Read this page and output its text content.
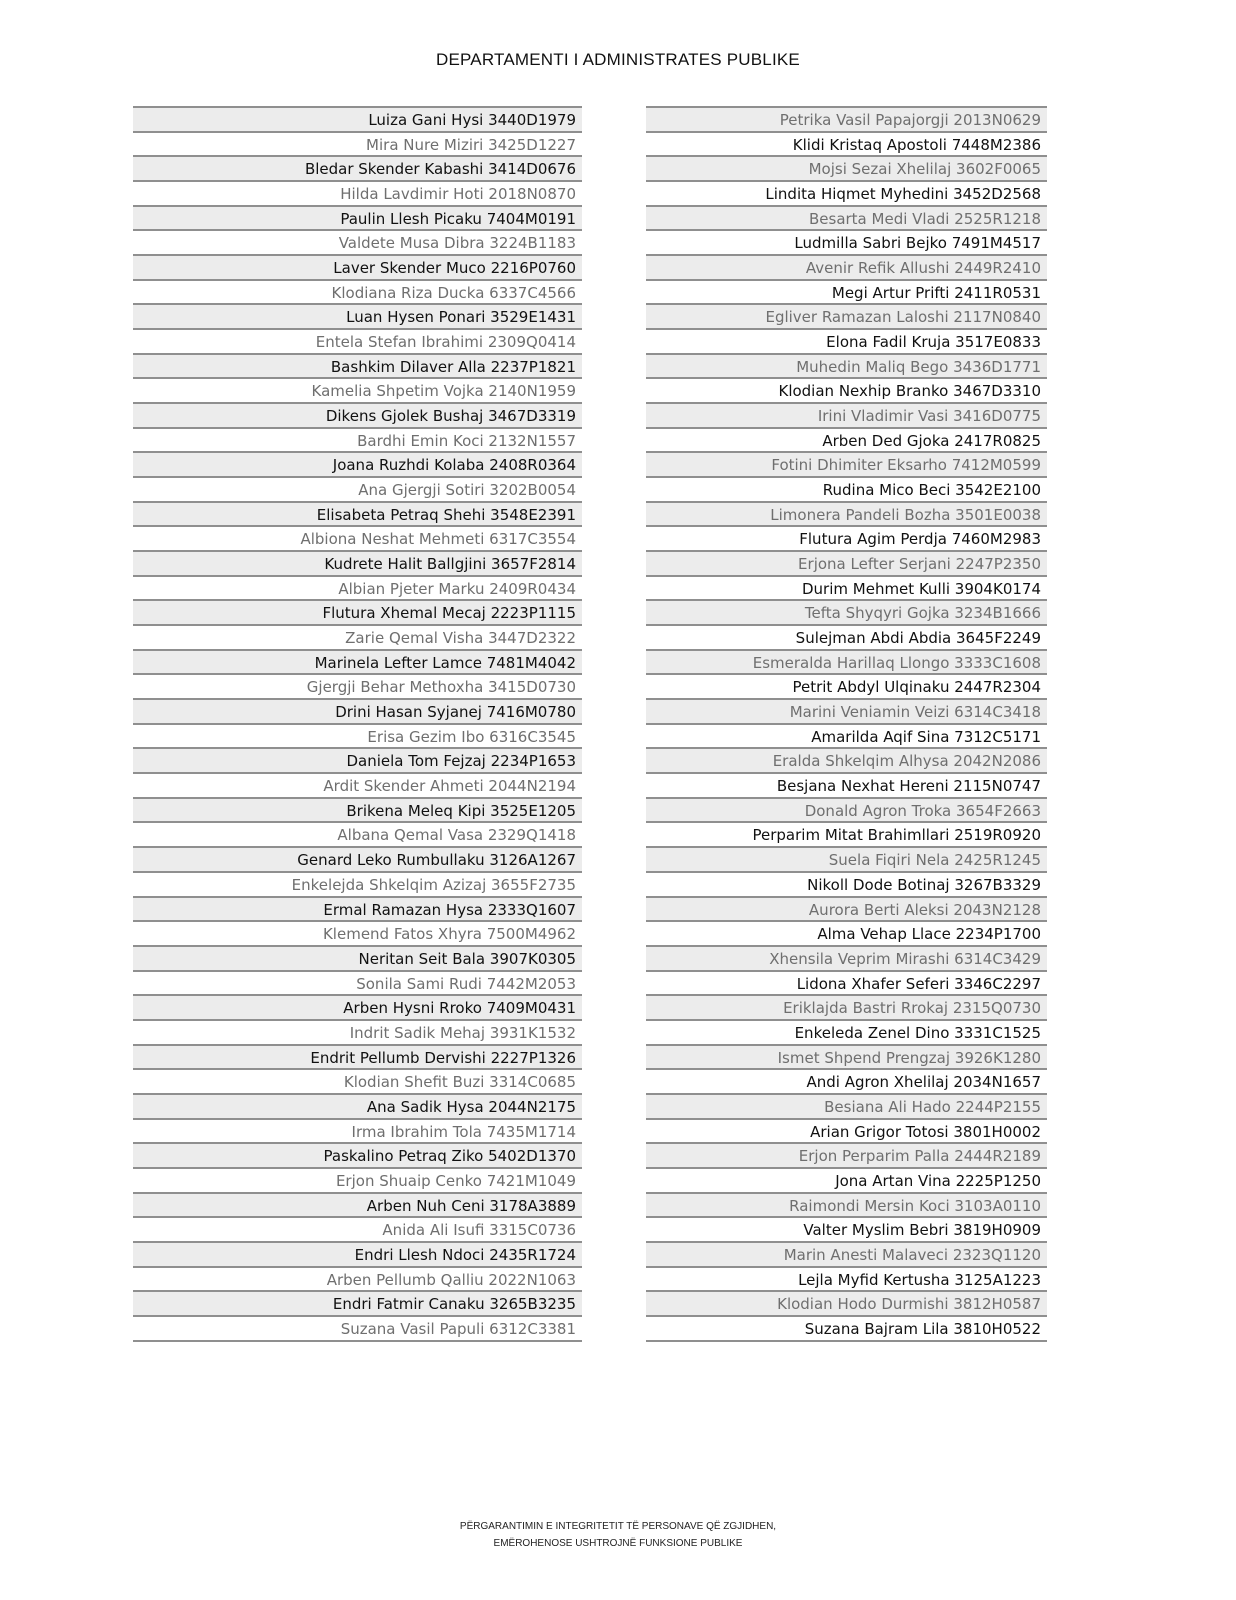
DEPARTAMENTI I ADMINISTRATES PUBLIKE
Luiza Gani Hysi 3440D1979
Mira Nure Miziri 3425D1227
Bledar Skender Kabashi 3414D0676
Hilda Lavdimir Hoti 2018N0870
Paulin Llesh Picaku 7404M0191
Valdete Musa Dibra 3224B1183
Laver Skender Muco 2216P0760
Klodiana Riza Ducka 6337C4566
Luan Hysen Ponari 3529E1431
Entela Stefan Ibrahimi 2309Q0414
Bashkim Dilaver Alla 2237P1821
Kamelia Shpetim Vojka 2140N1959
Dikens Gjolek Bushaj 3467D3319
Bardhi Emin Koci 2132N1557
Joana Ruzhdi Kolaba 2408R0364
Ana Gjergji Sotiri 3202B0054
Elisabeta Petraq Shehi 3548E2391
Albiona Neshat Mehmeti 6317C3554
Kudrete Halit Ballgjini 3657F2814
Albian Pjeter Marku 2409R0434
Flutura Xhemal Mecaj 2223P1115
Zarie Qemal Visha 3447D2322
Marinela Lefter Lamce 7481M4042
Gjergji Behar Methoxha 3415D0730
Drini Hasan Syjanej 7416M0780
Erisa Gezim Ibo 6316C3545
Daniela Tom Fejzaj 2234P1653
Ardit Skender Ahmeti 2044N2194
Brikena Meleq Kipi 3525E1205
Albana Qemal Vasa 2329Q1418
Genard Leko Rumbullaku 3126A1267
Enkelejda Shkelqim Azizaj 3655F2735
Ermal Ramazan Hysa 2333Q1607
Klemend Fatos Xhyra 7500M4962
Neritan Seit Bala 3907K0305
Sonila Sami Rudi 7442M2053
Arben Hysni Rroko 7409M0431
Indrit Sadik Mehaj 3931K1532
Endrit Pellumb Dervishi 2227P1326
Klodian Shefit Buzi 3314C0685
Ana Sadik Hysa 2044N2175
Irma Ibrahim Tola 7435M1714
Paskalino Petraq Ziko 5402D1370
Erjon Shuaip Cenko 7421M1049
Arben Nuh Ceni 3178A3889
Anida Ali Isufi 3315C0736
Endri Llesh Ndoci 2435R1724
Arben Pellumb Qalliu 2022N1063
Endri Fatmir Canaku 3265B3235
Suzana Vasil Papuli 6312C3381
Petrika Vasil Papajorgji 2013N0629
Klidi Kristaq Apostoli 7448M2386
Mojsi Sezai Xhelilaj 3602F0065
Lindita Hiqmet Myhedini 3452D2568
Besarta Medi Vladi 2525R1218
Ludmilla Sabri Bejko 7491M4517
Avenir Refik Allushi 2449R2410
Megi Artur Prifti 2411R0531
Egliver Ramazan Laloshi 2117N0840
Elona Fadil Kruja 3517E0833
Muhedin Maliq Bego 3436D1771
Klodian Nexhip Branko 3467D3310
Irini Vladimir Vasi 3416D0775
Arben Ded Gjoka 2417R0825
Fotini Dhimiter Eksarho 7412M0599
Rudina Mico Beci 3542E2100
Limonera Pandeli Bozha 3501E0038
Flutura Agim Perdja 7460M2983
Erjona Lefter Serjani 2247P2350
Durim Mehmet Kulli 3904K0174
Tefta Shyqyri Gojka 3234B1666
Sulejman Abdi Abdia 3645F2249
Esmeralda Harillaq Llongo 3333C1608
Petrit Abdyl Ulqinaku 2447R2304
Marini Veniamin Veizi 6314C3418
Amarilda Aqif Sina 7312C5171
Eralda Shkelqim Alhysa 2042N2086
Besjana Nexhat Hereni 2115N0747
Donald Agron Troka 3654F2663
Perparim Mitat Brahimllari 2519R0920
Suela Fiqiri Nela 2425R1245
Nikoll Dode Botinaj 3267B3329
Aurora Berti Aleksi 2043N2128
Alma Vehap Llace 2234P1700
Xhensila Veprim Mirashi 6314C3429
Lidona Xhafer Seferi 3346C2297
Eriklajda Bastri Rrokaj 2315Q0730
Enkeleda Zenel Dino 3331C1525
Ismet Shpend Prengzaj 3926K1280
Andi Agron Xhelilaj 2034N1657
Besiana Ali Hado 2244P2155
Arian Grigor Totosi 3801H0002
Erjon Perparim Palla 2444R2189
Jona Artan Vina 2225P1250
Raimondi Mersin Koci 3103A0110
Valter Myslim Bebri 3819H0909
Marin Anesti Malaveci 2323Q1120
Lejla Myfid Kertusha 3125A1223
Klodian Hodo Durmishi 3812H0587
Suzana Bajram Lila 3810H0522
PËRGARANTIMIN E INTEGRITETIT TË PERSONAVE QË ZGJIDHEN,
EMËROHENOSE USHTROJNË FUNKSIONE PUBLIKE
